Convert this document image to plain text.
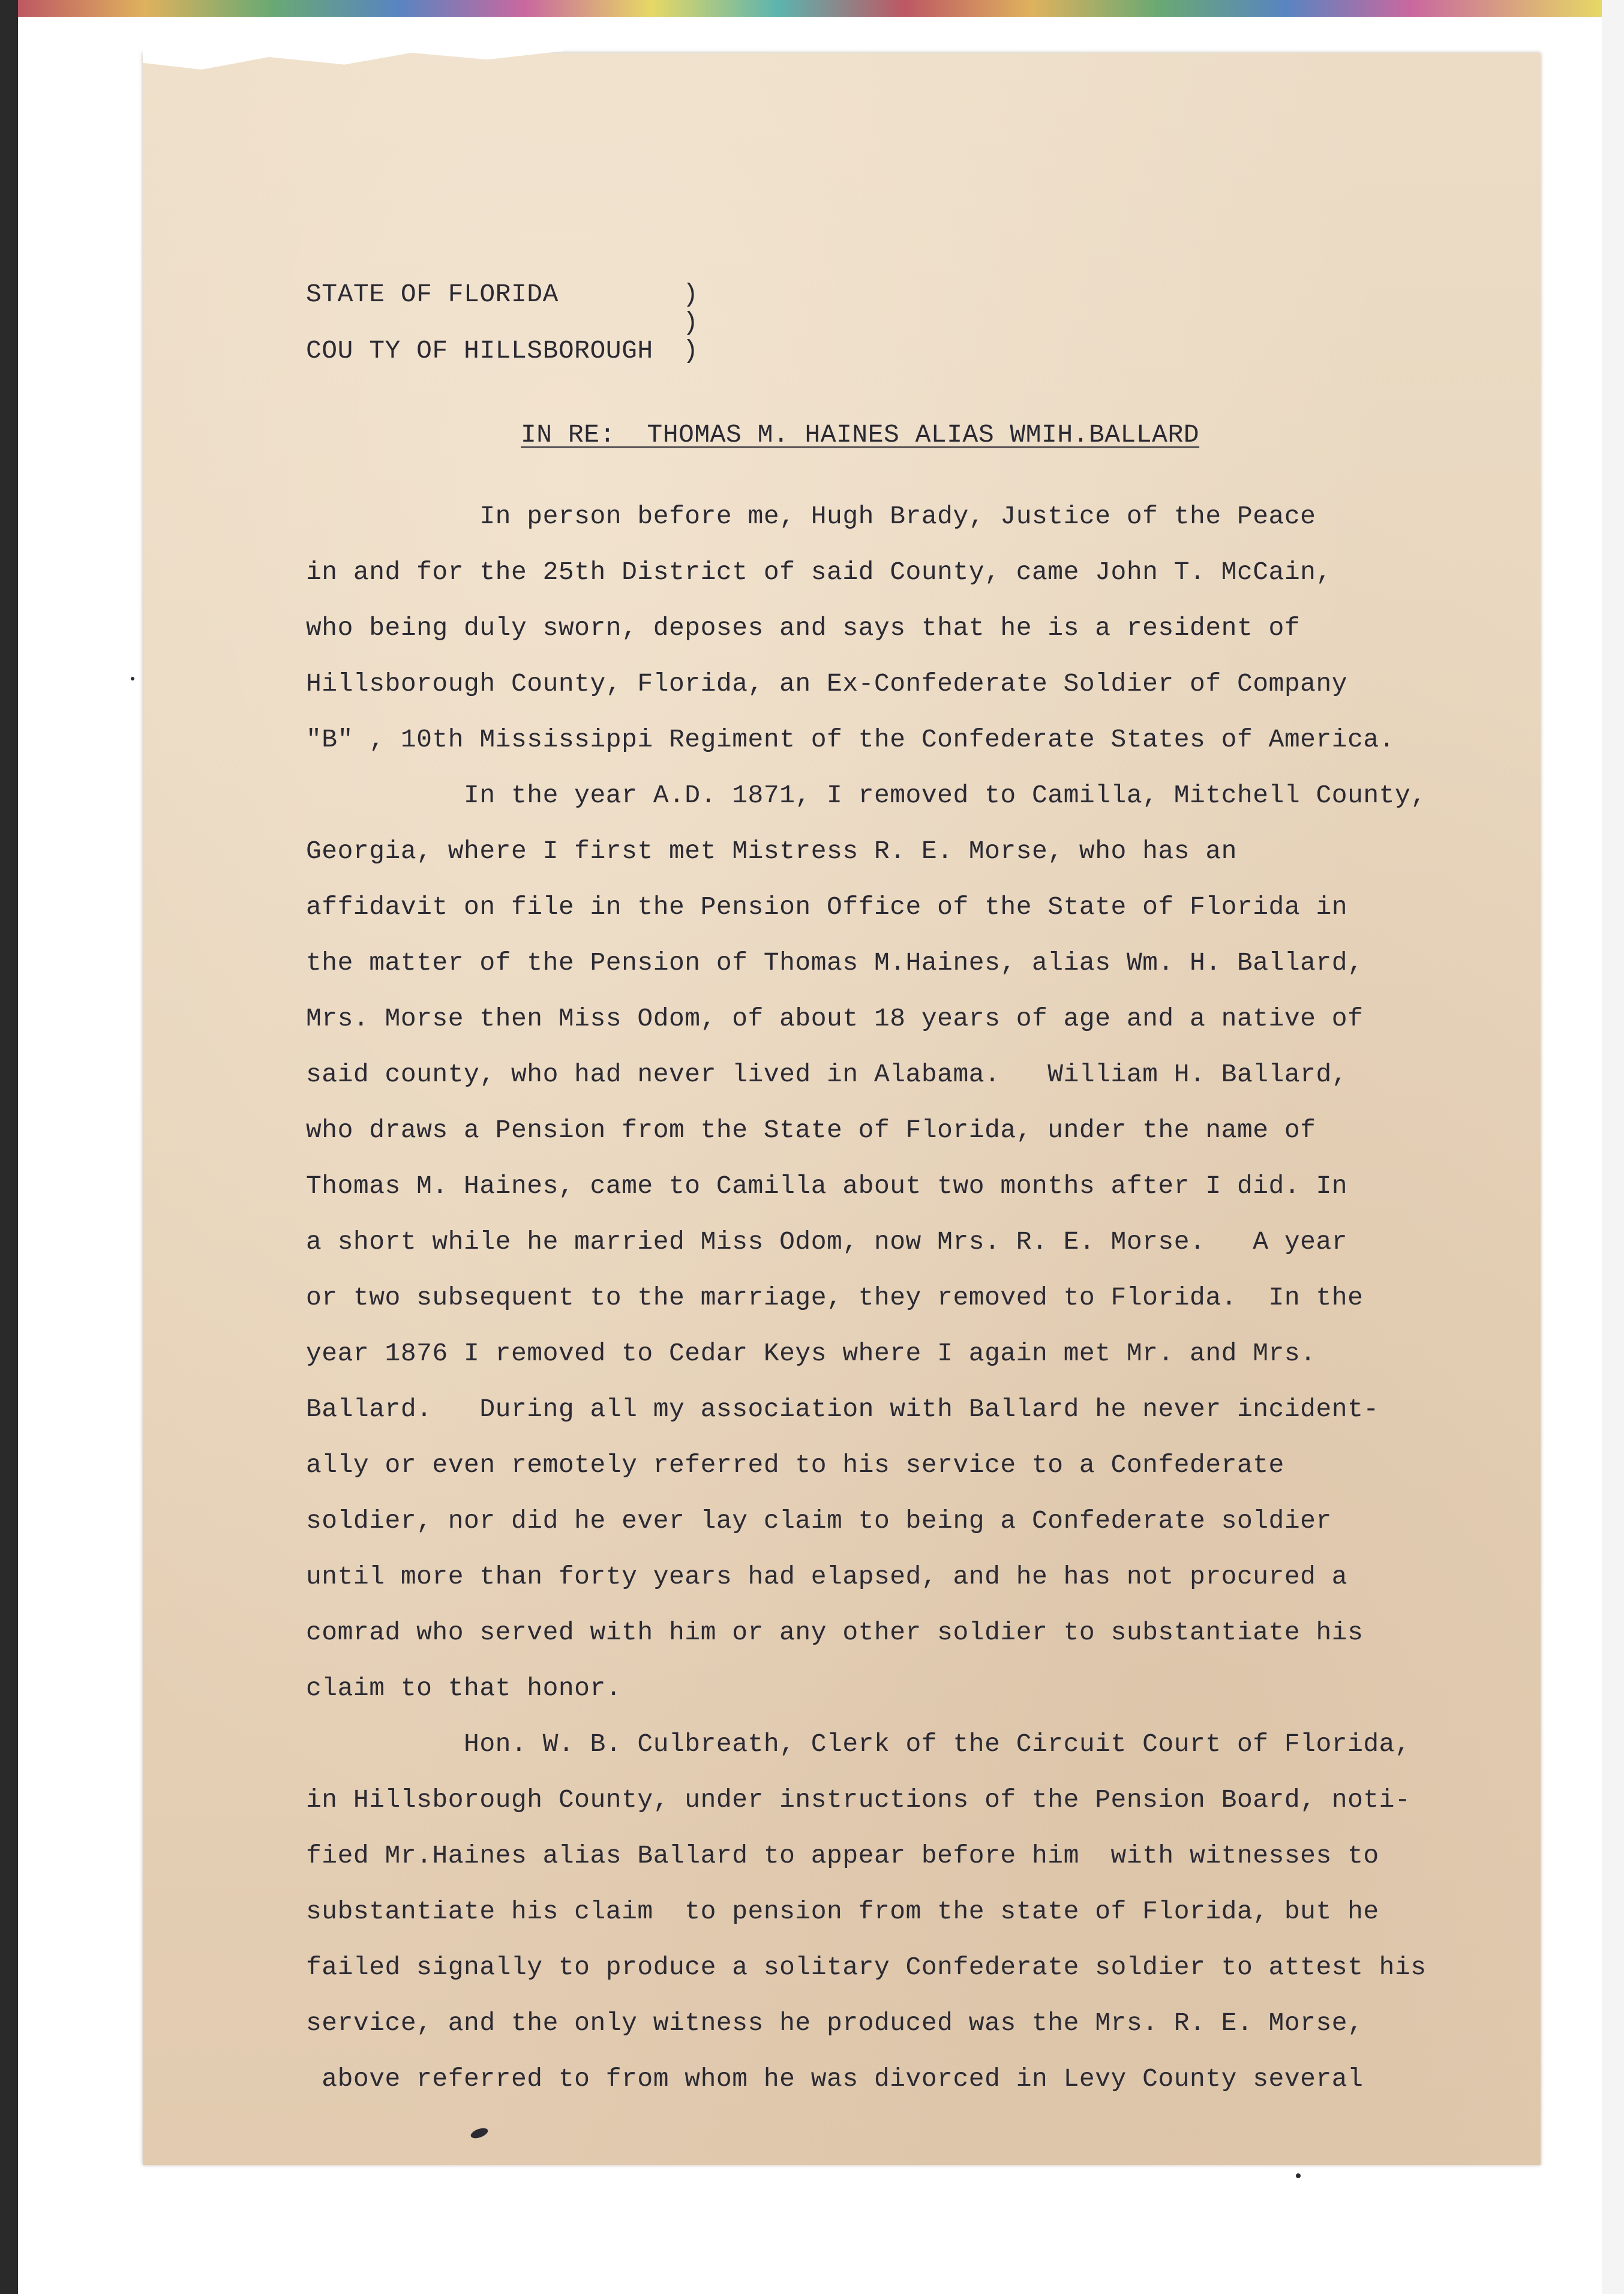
STATE OF FLORIDA

COU TY OF HILLSBOROUGH

)

)

)

IN RE:  THOMAS M. HAINES ALIAS WMIH.BALLARD

In person before me, Hugh Brady, Justice of the Peace

in and for the 25th District of said County, came John T. McCain,

who being duly sworn, deposes and says that he is a resident of

Hillsborough County, Florida, an Ex-Confederate Soldier of Company

"B" , 10th Mississippi Regiment of the Confederate States of America.

In the year A.D. 1871, I removed to Camilla, Mitchell County,

Georgia, where I first met Mistress R. E. Morse, who has an

affidavit on file in the Pension Office of the State of Florida in

the matter of the Pension of Thomas M.Haines, alias Wm. H. Ballard,

Mrs. Morse then Miss Odom, of about 18 years of age and a native of

said county, who had never lived in Alabama.   William H. Ballard,

who draws a Pension from the State of Florida, under the name of

Thomas M. Haines, came to Camilla about two months after I did. In

a short while he married Miss Odom, now Mrs. R. E. Morse.   A year

or two subsequent to the marriage, they removed to Florida.  In the

year 1876 I removed to Cedar Keys where I again met Mr. and Mrs.

Ballard.   During all my association with Ballard he never incident-

ally or even remotely referred to his service to a Confederate

soldier, nor did he ever lay claim to being a Confederate soldier

until more than forty years had elapsed, and he has not procured a

comrad who served with him or any other soldier to substantiate his

claim to that honor.

Hon. W. B. Culbreath, Clerk of the Circuit Court of Florida,

in Hillsborough County, under instructions of the Pension Board, noti-

fied Mr.Haines alias Ballard to appear before him  with witnesses to

substantiate his claim  to pension from the state of Florida, but he

failed signally to produce a solitary Confederate soldier to attest his

service, and the only witness he produced was the Mrs. R. E. Morse,

above referred to from whom he was divorced in Levy County several
